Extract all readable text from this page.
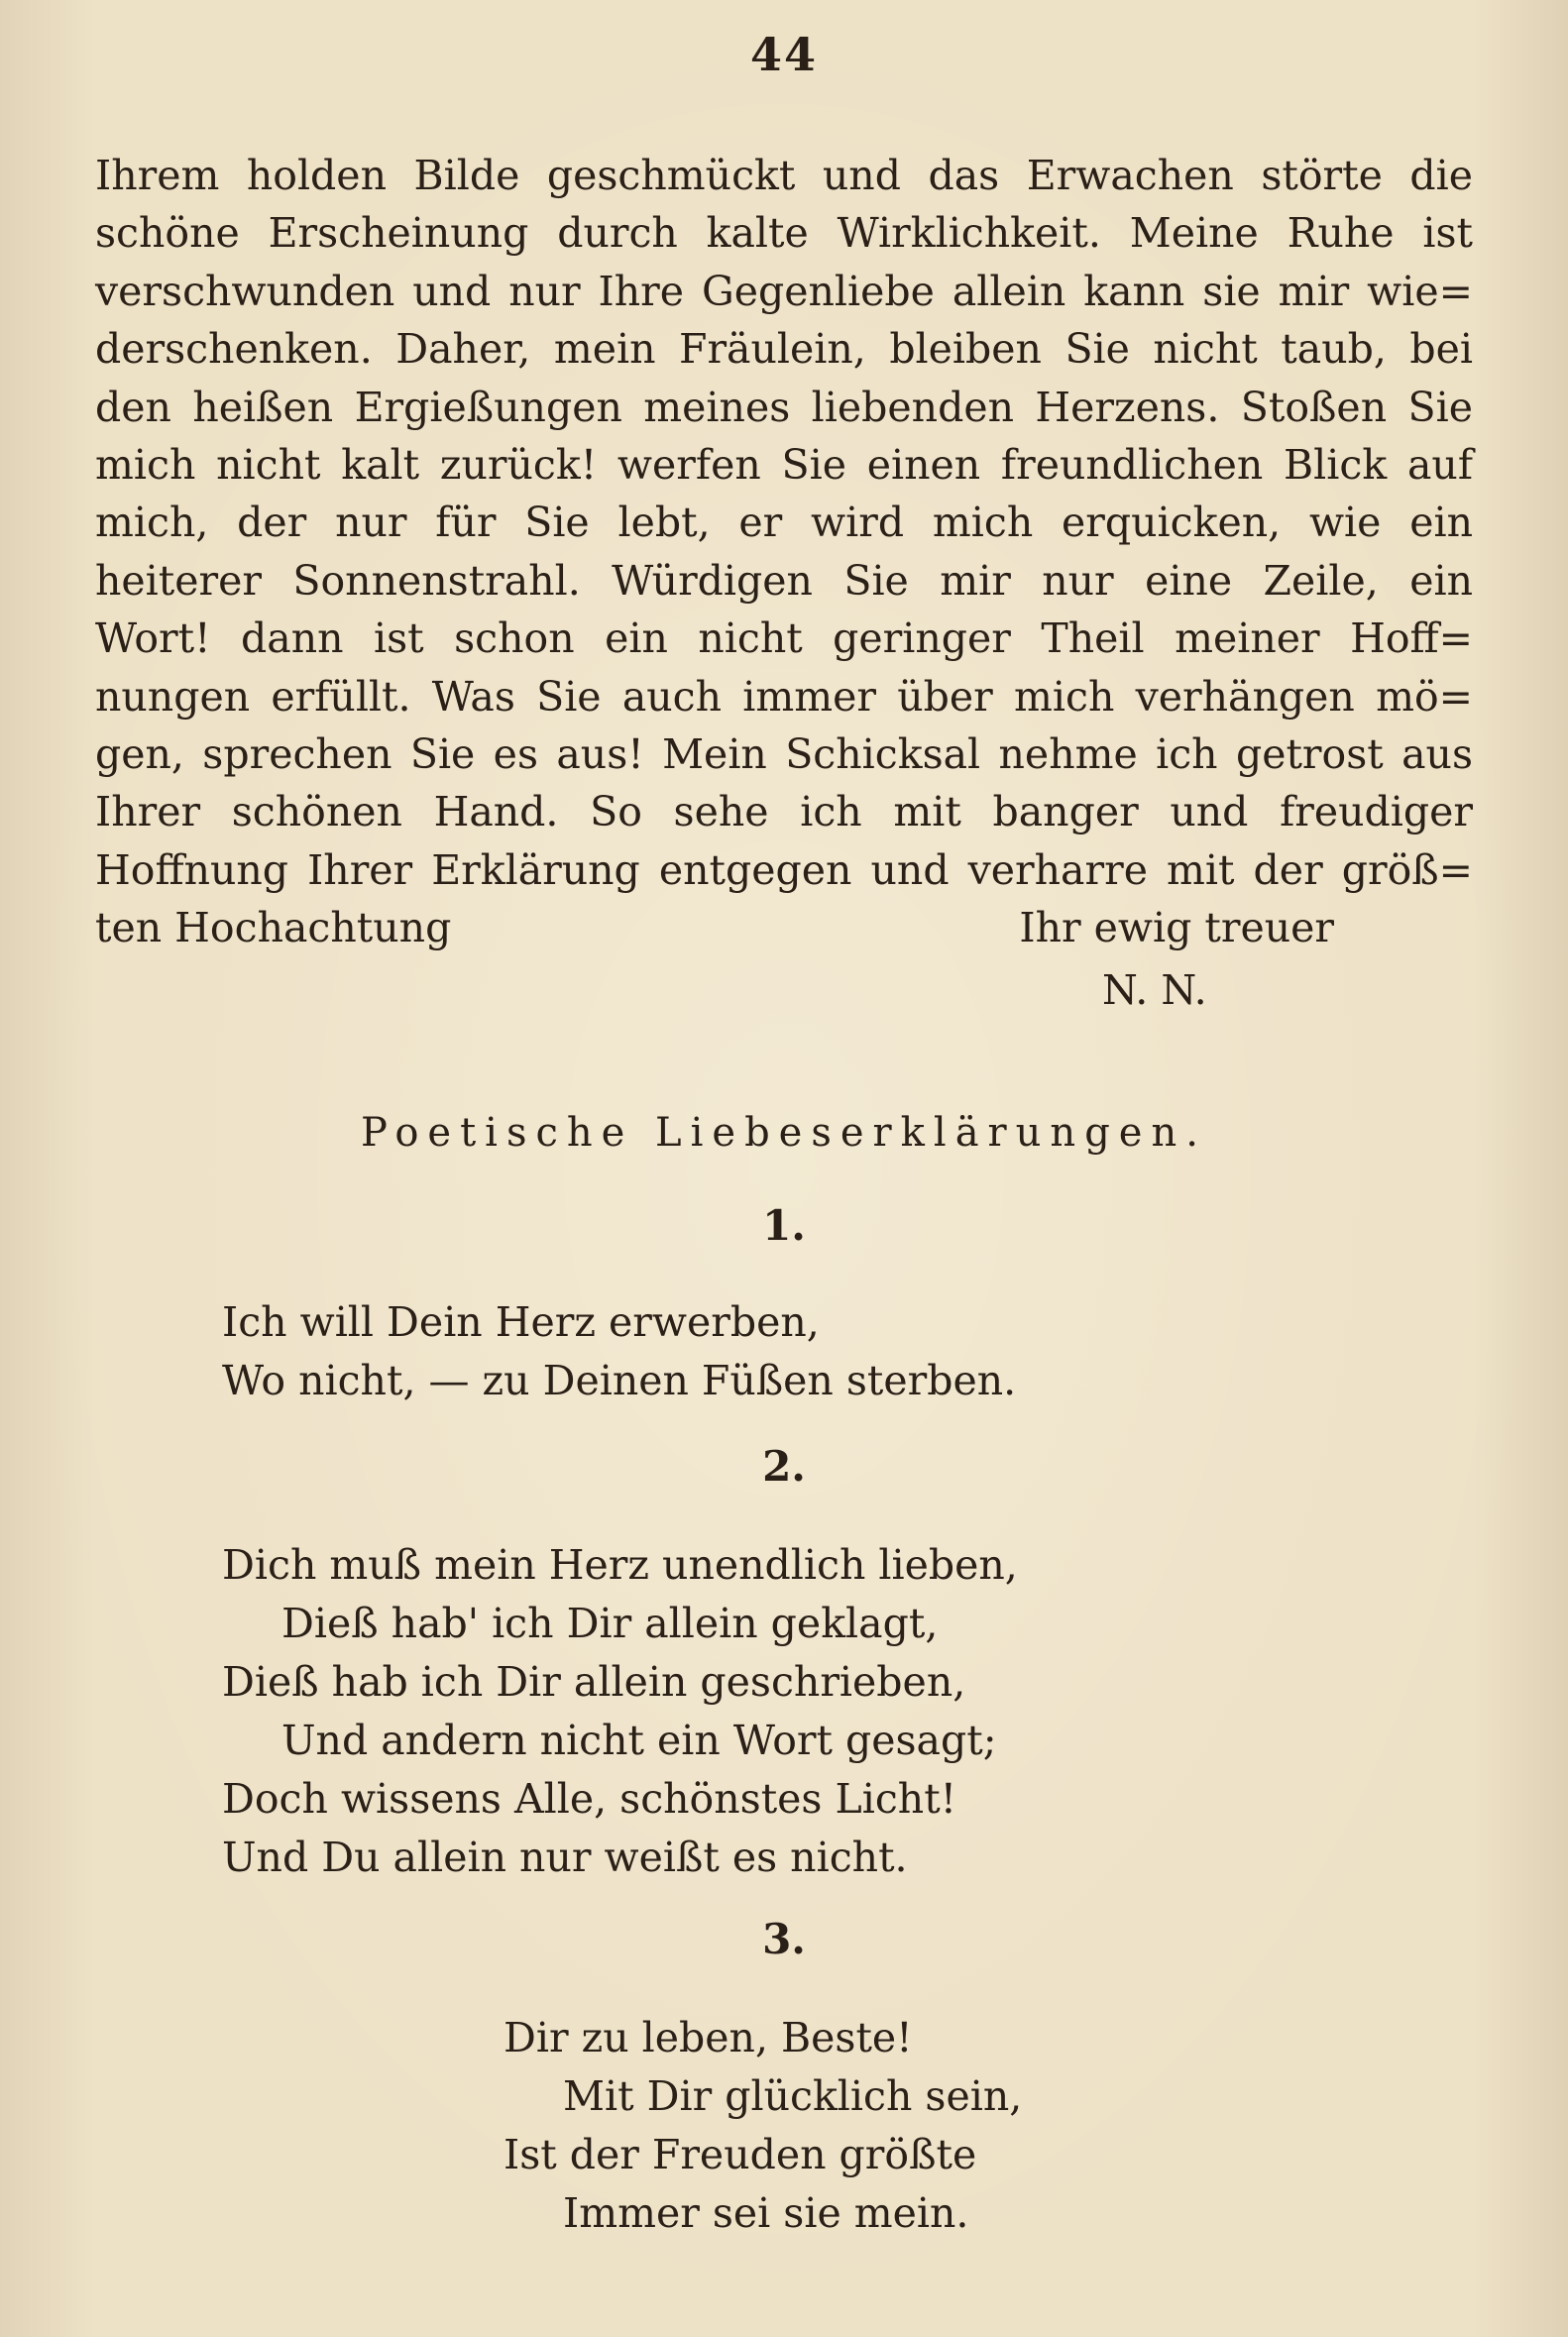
44
Ihrem holden Bilde geschmückt und das Erwachen störte die
schöne Erscheinung durch kalte Wirklichkeit. Meine Ruhe ist
verschwunden und nur Ihre Gegenliebe allein kann sie mir wie=
derschenken. Daher, mein Fräulein, bleiben Sie nicht taub, bei
den heißen Ergießungen meines liebenden Herzens. Stoßen Sie
mich nicht kalt zurück! werfen Sie einen freundlichen Blick auf
mich, der nur für Sie lebt, er wird mich erquicken, wie ein
heiterer Sonnenstrahl. Würdigen Sie mir nur eine Zeile, ein
Wort! dann ist schon ein nicht geringer Theil meiner Hoff=
nungen erfüllt. Was Sie auch immer über mich verhängen mö=
gen, sprechen Sie es aus! Mein Schicksal nehme ich getrost aus
Ihrer schönen Hand. So sehe ich mit banger und freudiger
Hoffnung Ihrer Erklärung entgegen und verharre mit der größ=
ten Hochachtung	Ihr ewig treuer
N. N.
Poetische Liebeserklärungen.
1.
Ich will Dein Herz erwerben,
Wo nicht, — zu Deinen Füßen sterben.
2.
Dich muß mein Herz unendlich lieben,
Dieß hab' ich Dir allein geklagt,
Dieß hab ich Dir allein geschrieben,
Und andern nicht ein Wort gesagt;
Doch wissens Alle, schönstes Licht!
Und Du allein nur weißt es nicht.
3.
Dir zu leben, Beste!
Mit Dir glücklich sein,
Ist der Freuden größte
Immer sei sie mein.
